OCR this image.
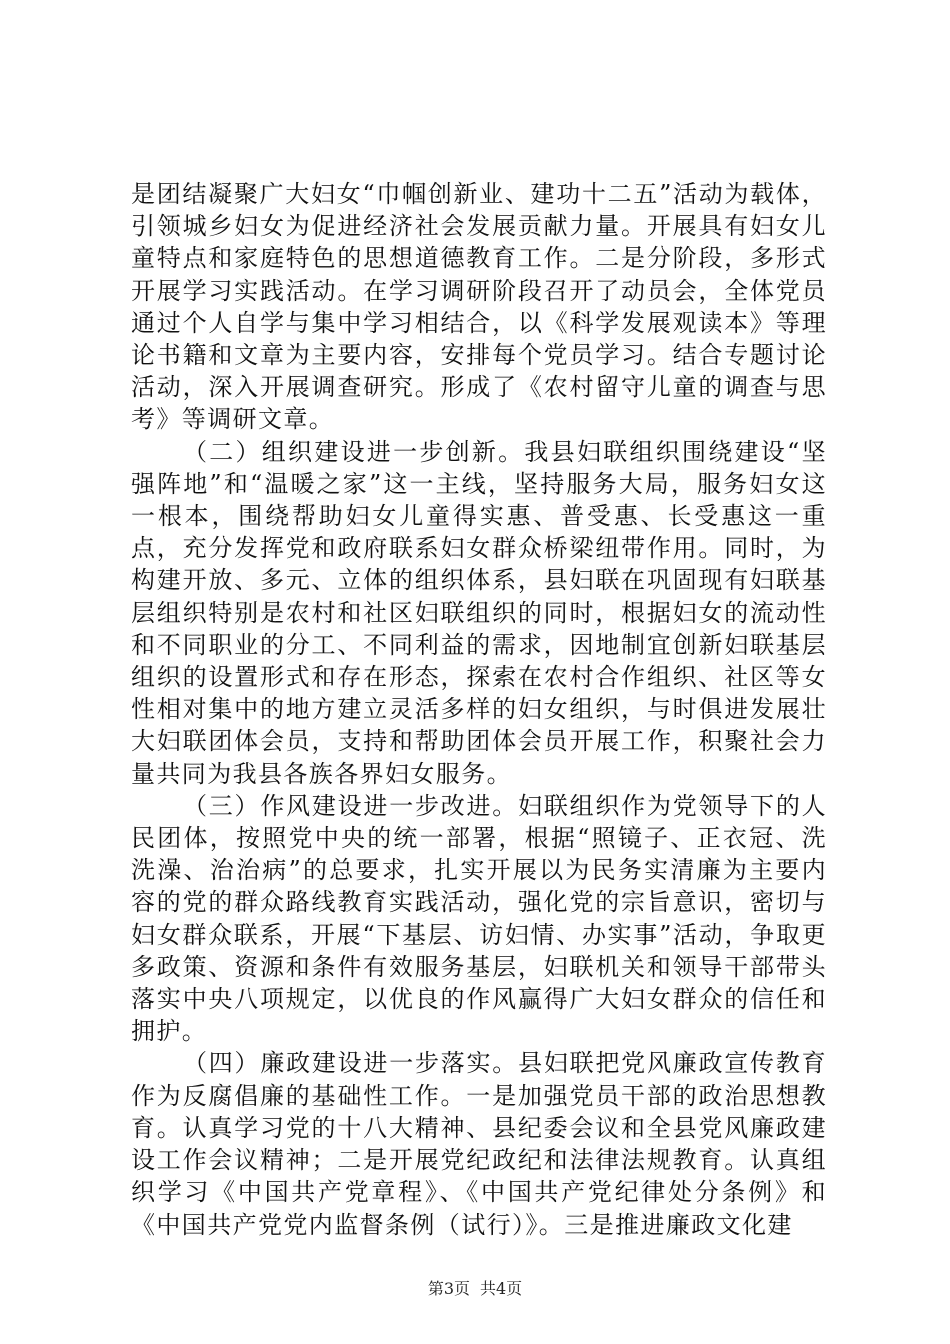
是团结凝聚广大妇女“巾帼创新业、建功十二五”活动为载体，引领城乡妇女为促进经济社会发展贡献力量。开展具有妇女儿童特点和家庭特色的思想道德教育工作。二是分阶段，多形式开展学习实践活动。在学习调研阶段召开了动员会，全体党员通过个人自学与集中学习相结合，以《科学发展观读本》等理论书籍和文章为主要内容，安排每个党员学习。结合专题讨论活动，深入开展调查研究。形成了《农村留守儿童的调查与思考》等调研文章。

（二）组织建设进一步创新。我县妇联组织围绕建设“坚强阵地”和“温暖之家”这一主线，坚持服务大局，服务妇女这一根本，围绕帮助妇女儿童得实惠、普受惠、长受惠这一重点，充分发挥党和政府联系妇女群众桥梁纽带作用。同时，为构建开放、多元、立体的组织体系，县妇联在巩固现有妇联基层组织特别是农村和社区妇联组织的同时，根据妇女的流动性和不同职业的分工、不同利益的需求，因地制宜创新妇联基层组织的设置形式和存在形态，探索在农村合作组织、社区等女性相对集中的地方建立灵活多样的妇女组织，与时俱进发展壮大妇联团体会员，支持和帮助团体会员开展工作，积聚社会力量共同为我县各族各界妇女服务。

（三）作风建设进一步改进。妇联组织作为党领导下的人民团体，按照党中央的统一部署，根据“照镜子、正衣冠、洗洗澡、治治病”的总要求，扎实开展以为民务实清廉为主要内容的党的群众路线教育实践活动，强化党的宗旨意识，密切与妇女群众联系，开展“下基层、访妇情、办实事”活动，争取更多政策、资源和条件有效服务基层，妇联机关和领导干部带头落实中央八项规定，以优良的作风赢得广大妇女群众的信任和拥护。

（四）廉政建设进一步落实。县妇联把党风廉政宣传教育作为反腐倡廉的基础性工作。一是加强党员干部的政治思想教育。认真学习党的十八大精神、县纪委会议和全县党风廉政建设工作会议精神；二是开展党纪政纪和法律法规教育。认真组织学习《中国共产党章程》、《中国共产党纪律处分条例》和《中国共产党党内监督条例（试行）》。三是推进廉政文化建

第3页 共4页
